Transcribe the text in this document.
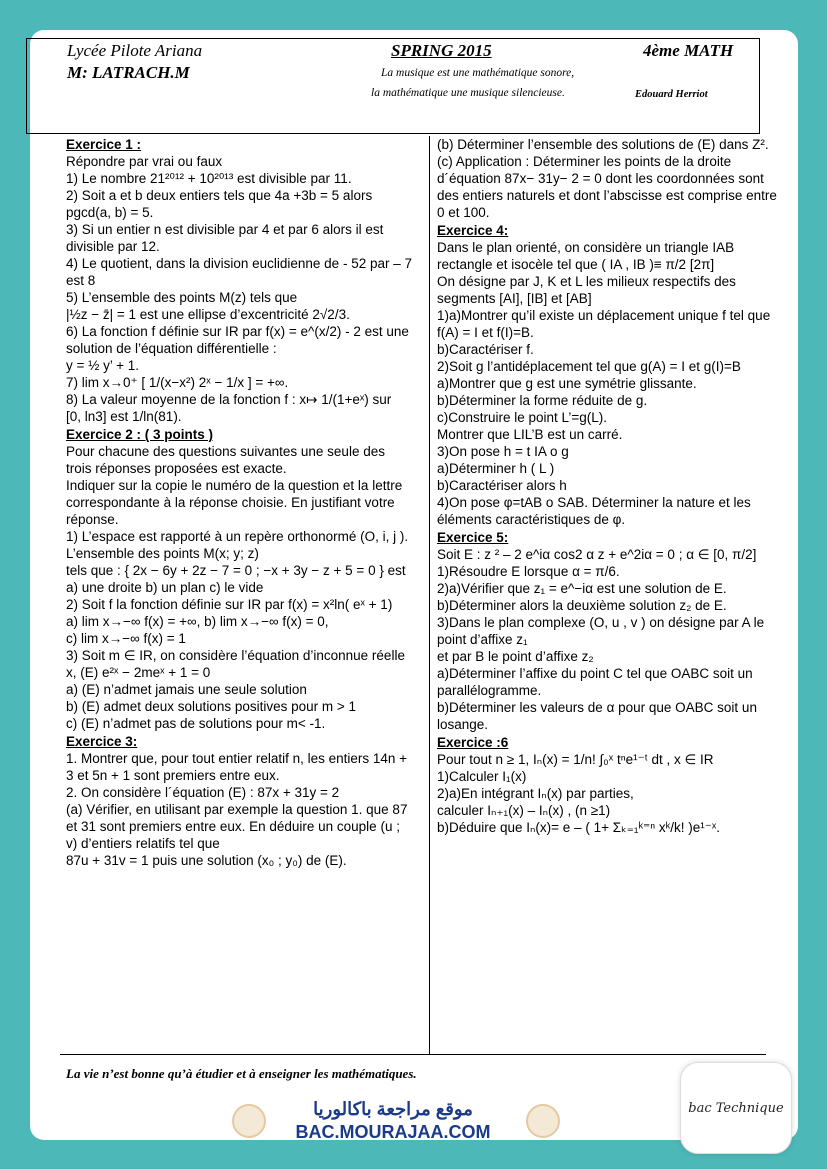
Lycée Pilote Ariana
M: LATRACH.M
SPRING 2015	4ème MATH
La musique est une mathématique sonore,
la mathématique une musique silencieuse.	Edouard Herriot

Exercice 1 :

Répondre par vrai ou faux

1) Le nombre 21²⁰¹² + 10²⁰¹³ est divisible par 11.

2) Soit a et b deux entiers tels que 4a +3b = 5 alors pgcd(a, b) = 5.

3) Si un entier n est divisible par 4 et par 6 alors il est divisible par 12.

4) Le quotient, dans la division euclidienne de - 52 par – 7 est 8

5) L’ensemble des points M(z) tels que

|½z − z̄| = 1 est une ellipse d’excentricité 2√2/3.

6) La fonction f définie sur IR par f(x) = e^(x/2) - 2 est une solution de l’équation différentielle :

y = ½ y’ + 1.

7) lim x→0⁺ [ 1/(x−x²) 2ˣ − 1/x ] = +∞.

8) La valeur moyenne de la fonction f : x↦ 1/(1+eˣ) sur

[0, ln3] est 1/ln(81).

Exercice 2 : ( 3 points )

Pour chacune des questions suivantes une seule des trois réponses proposées est exacte.

Indiquer sur la copie le numéro de la question et la lettre correspondante à la réponse choisie. En justifiant votre réponse.

1) L’espace est rapporté à un repère orthonormé (O, i, j ). L’ensemble des points M(x; y; z)

tels que : { 2x − 6y + 2z − 7 = 0 ; −x + 3y − z + 5 = 0 } est

a) une droite b) un plan c) le vide

2) Soit f la fonction définie sur IR par f(x) = x²ln( eˣ + 1)

a) lim x→−∞ f(x) = +∞, b) lim x→−∞ f(x) = 0,

c) lim x→−∞ f(x) = 1

3) Soit m ∈ IR, on considère l’équation d’inconnue réelle x, (E) e²ˣ − 2meˣ + 1 = 0

a) (E) n’admet jamais une seule solution

b) (E) admet deux solutions positives pour m > 1

c) (E) n’admet pas de solutions pour m< -1.

Exercice 3:

1. Montrer que, pour tout entier relatif n, les entiers 14n + 3 et 5n + 1 sont premiers entre eux.

2. On considère l´équation (E) : 87x + 31y = 2

(a) Vérifier, en utilisant par exemple la question 1. que 87 et 31 sont premiers entre eux. En déduire un couple (u ; v) d’entiers relatifs tel que

87u + 31v = 1 puis une solution (x₀ ; y₀) de (E).

(b) Déterminer l’ensemble des solutions de (E) dans Z².

(c) Application : Déterminer les points de la droite

d´équation 87x− 31y− 2 = 0 dont les coordonnées sont des entiers naturels et dont l’abscisse est comprise entre 0 et 100.

Exercice 4:

Dans le plan orienté, on considère un triangle IAB

rectangle et isocèle tel que ( IA , IB )≡ π/2 [2π]

On désigne par J, K et L les milieux respectifs des segments [AI], [IB] et [AB]

1)a)Montrer qu’il existe un déplacement unique f tel que f(A) = I et f(I)=B.

b)Caractériser f.

2)Soit g l’antidéplacement tel que g(A) = I et g(I)=B

a)Montrer que g est une symétrie glissante.

b)Déterminer la forme réduite de g.

c)Construire le point L’=g(L).

Montrer que LIL’B est un carré.

3)On pose h = t IA o g

a)Déterminer h ( L )

b)Caractériser alors h

4)On pose φ=tAB o SAB. Déterminer la nature et les éléments caractéristiques de φ.

Exercice 5:

Soit E : z ² – 2 e^iα cos2 α z + e^2iα = 0 ; α ∈ [0, π/2]

1)Résoudre E lorsque α = π/6.

2)a)Vérifier que z₁ = e^−iα est une solution de E.

b)Déterminer alors la deuxième solution z₂ de E.

3)Dans le plan complexe (O, u , v ) on désigne par A le point d’affixe z₁

et par B le point d’affixe z₂

a)Déterminer l’affixe du point C tel que OABC soit un parallélogramme.

b)Déterminer les valeurs de α pour que OABC soit un losange.

Exercice :6

Pour tout n ≥ 1, Iₙ(x) = 1/n! ∫₀ˣ tⁿe¹⁻ᵗ dt , x ∈ IR

1)Calculer I₁(x)

2)a)En intégrant Iₙ(x) par parties,

calculer Iₙ₊₁(x) – Iₙ(x) , (n ≥1)

b)Déduire que Iₙ(x)= e – ( 1+ Σₖ₌₁ᵏ⁼ⁿ xᵏ/k! )e¹⁻ˣ.

La vie n’est bonne qu’à étudier et à enseigner les mathématiques.
موقع مراجعة باكالوريا
BAC.MOURAJAA.COM
bac Technique
